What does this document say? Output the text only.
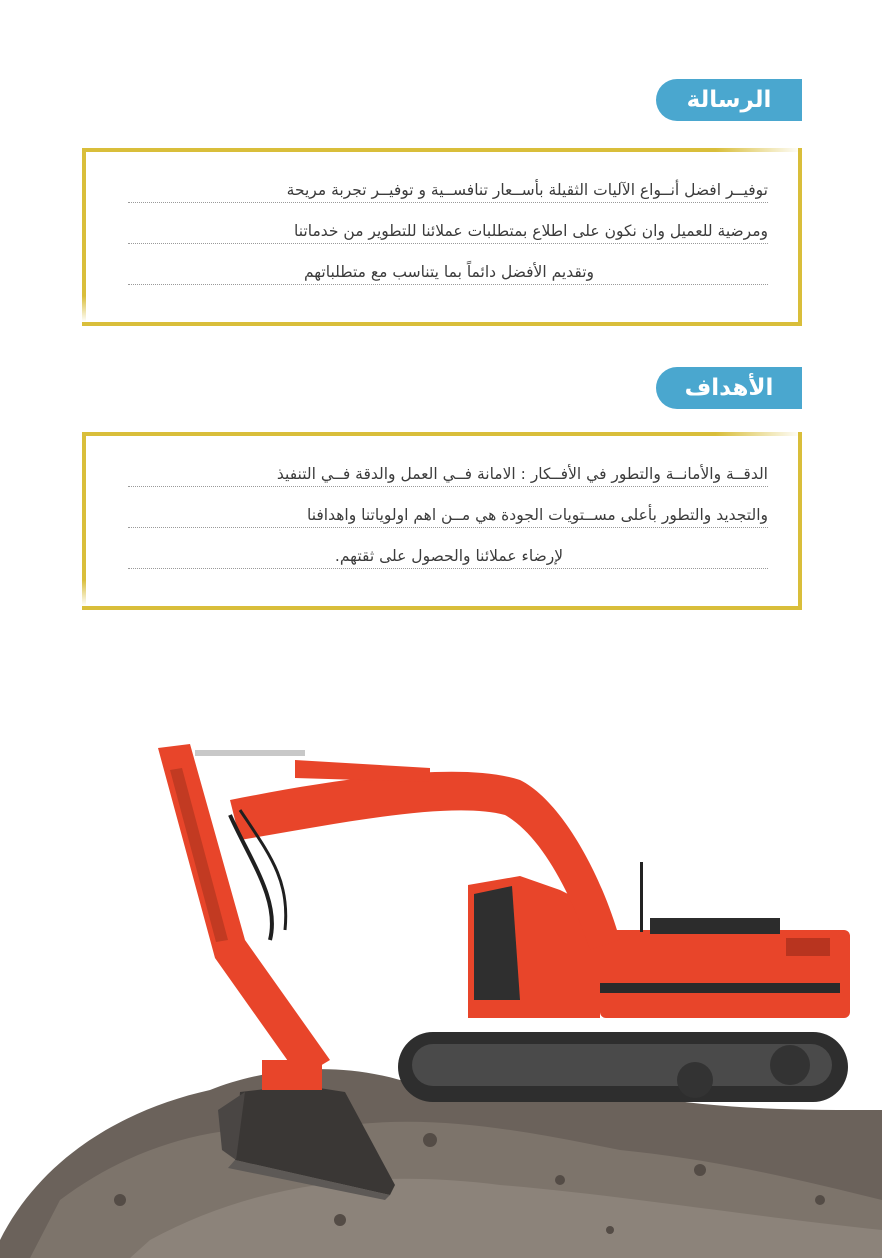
الرسالة
توفيــر افضل أنــواع الآليات الثقيلة بأســعار تنافســية و توفيــر تجربة مريحة
ومرضية للعميل وان نكون على اطلاع بمتطلبات عملائنا للتطوير من خدماتنا
وتقديم الأفضل دائماً بما يتناسب مع متطلباتهم
الأهداف
الدقــة والأمانــة والتطور في الأفــكار : الامانة فــي العمل والدقة فــي التنفيذ
والتجديد والتطور بأعلى مســتويات الجودة هي مــن اهم اولوياتنا واهدافنا
لإرضاء عملائنا والحصول على ثقتهم.
